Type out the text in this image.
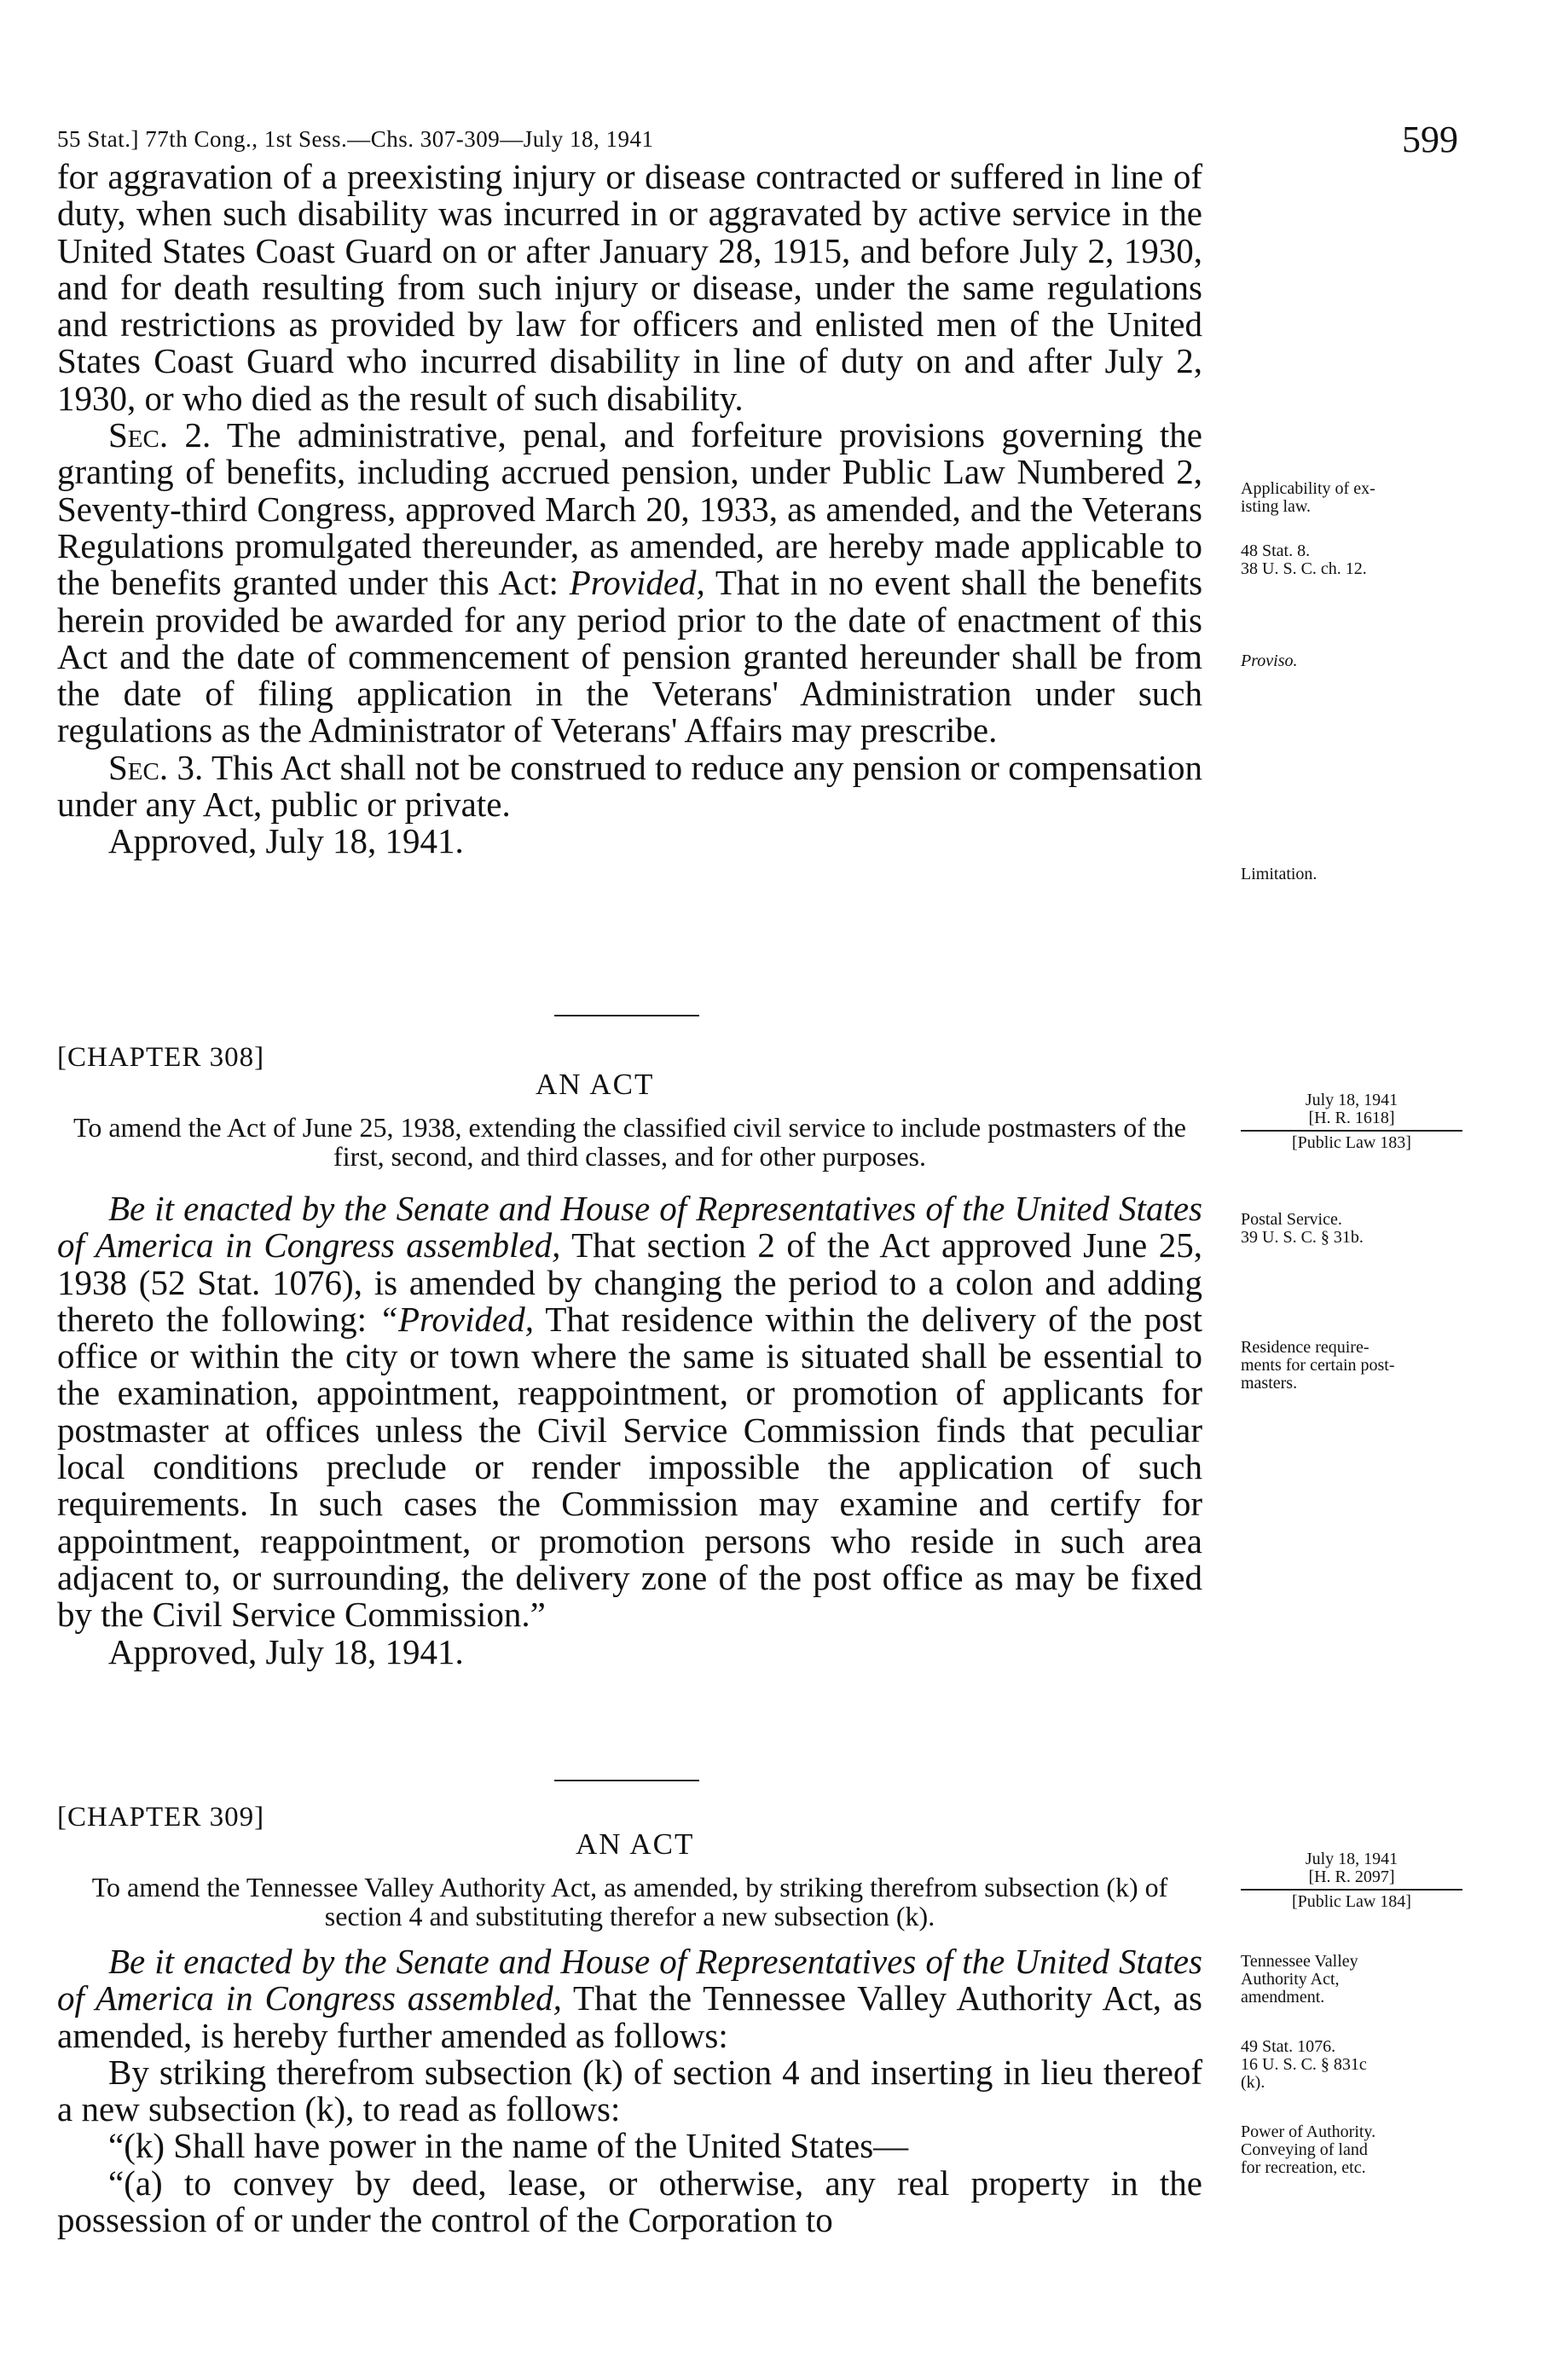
55 Stat.] 77th Cong., 1st Sess.—Chs. 307-309—July 18, 1941	599

for aggravation of a preexisting injury or disease contracted or suffered in line of duty, when such disability was incurred in or aggravated by active service in the United States Coast Guard on or after January 28, 1915, and before July 2, 1930, and for death resulting from such injury or disease, under the same regulations and restrictions as provided by law for officers and enlisted men of the United States Coast Guard who incurred disability in line of duty on and after July 2, 1930, or who died as the result of such disability.

Sec. 2. The administrative, penal, and forfeiture provisions governing the granting of benefits, including accrued pension, under Public Law Numbered 2, Seventy-third Congress, approved March 20, 1933, as amended, and the Veterans Regulations promulgated thereunder, as amended, are hereby made applicable to the benefits granted under this Act: Provided, That in no event shall the benefits herein provided be awarded for any period prior to the date of enactment of this Act and the date of commencement of pension granted hereunder shall be from the date of filing application in the Veterans' Administration under such regulations as the Administrator of Veterans' Affairs may prescribe.

Sec. 3. This Act shall not be construed to reduce any pension or compensation under any Act, public or private.

Approved, July 18, 1941.

[CHAPTER 308]
AN ACT
To amend the Act of June 25, 1938, extending the classified civil service to include postmasters of the first, second, and third classes, and for other purposes.

Be it enacted by the Senate and House of Representatives of the United States of America in Congress assembled, That section 2 of the Act approved June 25, 1938 (52 Stat. 1076), is amended by changing the period to a colon and adding thereto the following: “Provided, That residence within the delivery of the post office or within the city or town where the same is situated shall be essential to the examination, appointment, reappointment, or promotion of applicants for postmaster at offices unless the Civil Service Commission finds that peculiar local conditions preclude or render impossible the application of such requirements. In such cases the Commission may examine and certify for appointment, reappointment, or promotion persons who reside in such area adjacent to, or surrounding, the delivery zone of the post office as may be fixed by the Civil Service Commission.”

Approved, July 18, 1941.

[CHAPTER 309]
AN ACT
To amend the Tennessee Valley Authority Act, as amended, by striking therefrom subsection (k) of section 4 and substituting therefor a new subsection (k).

Be it enacted by the Senate and House of Representatives of the United States of America in Congress assembled, That the Tennessee Valley Authority Act, as amended, is hereby further amended as follows:

By striking therefrom subsection (k) of section 4 and inserting in lieu thereof a new subsection (k), to read as follows:

“(k) Shall have power in the name of the United States—

“(a) to convey by deed, lease, or otherwise, any real property in the possession of or under the control of the Corporation to

Applicability of ex-
isting law.
48 Stat. 8.
38 U. S. C. ch. 12.
Proviso.
Limitation.
July 18, 1941
[H. R. 1618]
[Public Law 183]
Postal Service.
39 U. S. C. § 31b.
Residence require-
ments for certain post-
masters.
July 18, 1941
[H. R. 2097]
[Public Law 184]
Tennessee Valley
Authority Act,
amendment.
49 Stat. 1076.
16 U. S. C. § 831c
(k).
Power of Authority.
Conveying of land
for recreation, etc.
